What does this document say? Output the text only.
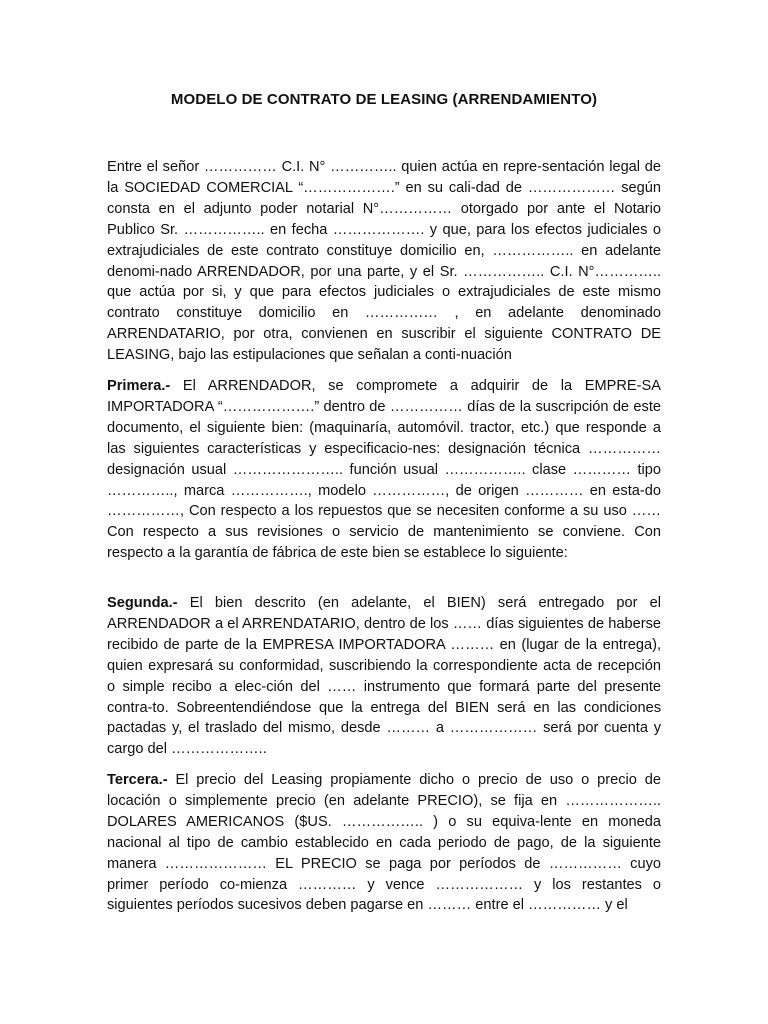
MODELO DE CONTRATO DE LEASING (ARRENDAMIENTO)
Entre el señor …………… C.I. N° ………….. quien actúa en repre-sentación legal de la SOCIEDAD COMERCIAL “……………….” en su cali-dad de ……………… según consta en el adjunto poder notarial N°…………… otorgado por ante el Notario Publico Sr. …………….. en fecha ………………. y que, para los efectos judiciales o extrajudiciales de este contrato constituye domicilio en, …………….. en adelante denomi-nado ARRENDADOR, por una parte, y el Sr. …………….. C.I. N°………….. que actúa por si, y que para efectos judiciales o extrajudiciales de este mismo contrato constituye domicilio en …………… , en adelante denominado ARRENDATARIO, por otra, convienen en suscribir el siguiente CONTRATO DE LEASING, bajo las estipulaciones que señalan a conti-nuación
Primera.- El ARRENDADOR, se compromete a adquirir de la EMPRE-SA IMPORTADORA “……………….” dentro de …………… días de la suscripción de este documento, el siguiente bien: (maquinaría, automóvil. tractor, etc.) que responde a las siguientes características y especificacio-nes: designación técnica …………… designación usual ………………….. función usual …………….. clase ………… tipo ………….., marca ……………., modelo ……………, de origen ………… en esta-do ……………, Con respecto a los repuestos que se necesiten conforme a su uso …… Con respecto a sus revisiones o servicio de mantenimiento se conviene. Con respecto a la garantía de fábrica de este bien se establece lo siguiente:
Segunda.- El bien descrito (en adelante, el BIEN) será entregado por el ARRENDADOR a el ARRENDATARIO, dentro de los …… días siguientes de haberse recibido de parte de la EMPRESA IMPORTADORA ……… en (lugar de la entrega), quien expresará su conformidad, suscribiendo la correspondiente acta de recepción o simple recibo a elec-ción del …… instrumento que formará parte del presente contra-to. Sobreentendiéndose que la entrega del BIEN será en las condiciones pactadas y, el traslado del mismo, desde ……… a ……………… será por cuenta y cargo del ………………..
Tercera.- El precio del Leasing propiamente dicho o precio de uso o precio de locación o simplemente precio (en adelante PRECIO), se fija en ……………….. DOLARES AMERICANOS ($US. …………….. ) o su equiva-lente en moneda nacional al tipo de cambio establecido en cada periodo de pago, de la siguiente manera ………………… EL PRECIO se paga por períodos de …………… cuyo primer período co-mienza ………… y vence ……………… y los restantes o siguientes períodos sucesivos deben pagarse en ……… entre el …………… y el
